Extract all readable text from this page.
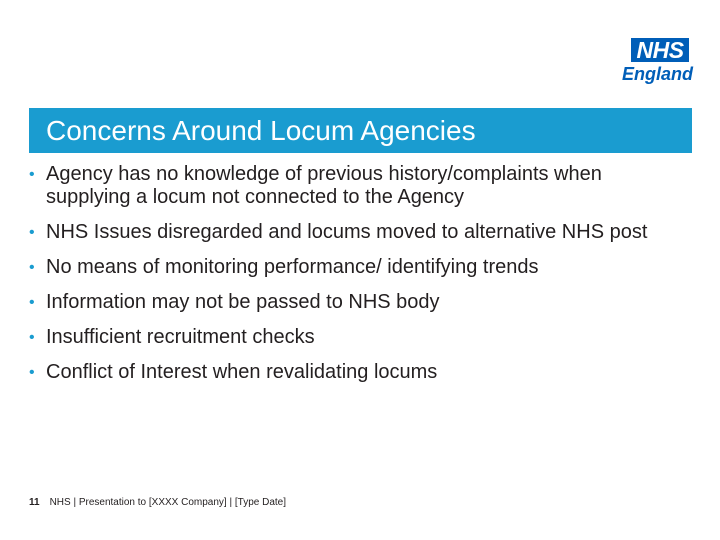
NHS
England
Concerns Around Locum Agencies
• Agency has no knowledge of previous history/complaints when supplying a locum not connected to the Agency
• NHS Issues disregarded and locums moved to alternative NHS post
• No means of monitoring performance/ identifying trends
• Information may not be passed to NHS body
• Insufficient recruitment checks
• Conflict of Interest when revalidating locums
11 NHS | Presentation to [XXXX Company] | [Type Date]
